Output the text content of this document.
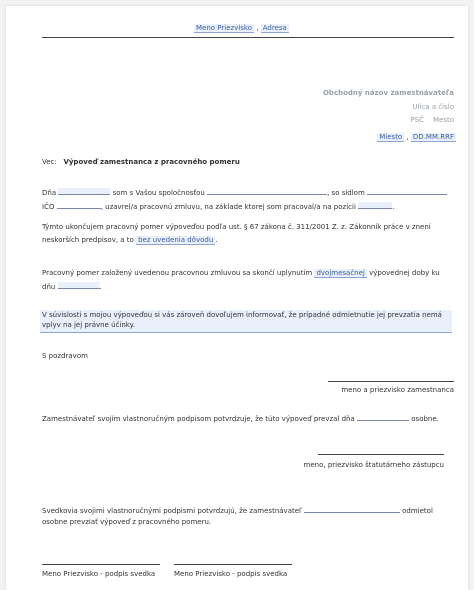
Meno Priezvisko , Adresa
Obchodný názov zamestnávateľa
Ulica a číslo
PSČ Mesto
Miesto , DD.MM.RRF
Vec: Výpoveď zamestnanca z pracovného pomeru
Dňa	som s Vašou spoločnosťou	, so sídlom
IČO	, uzavrel/a pracovnú zmluvu, na základe ktorej som pracoval/a na pozícii	.
Týmto ukončujem pracovný pomer výpoveďou podľa ust. § 67 zákona č. 311/2001 Z. z. Zákonník práce v znení
neskorších predpisov, a to bez uvedenia dôvodu .
Pracovný pomer založený uvedenou pracovnou zmluvou sa skončí uplynutím dvojmesačnej výpovednej doby ku
dňu	.
V súvislosti s mojou výpoveďou si vás zároveň dovoľujem informovať, že prípadné odmietnutie jej prevzatia nemá
vplyv na jej právne účinky.
S pozdravom
meno a priezvisko zamestnanca
Zamestnávateľ svojím vlastnoručným podpisom potvrdzuje, že túto výpoveď prevzal dňa	osobne.
meno, priezvisko štatutárneho zástupcu
Svedkovia svojimi vlastnoručnými podpismi potvrdzujú, že zamestnávateľ	odmietol
osobne prevziať výpoveď z pracovného pomeru.
Meno Priezvisko - podpis svedka	Meno Priezvisko - podpis svedka
